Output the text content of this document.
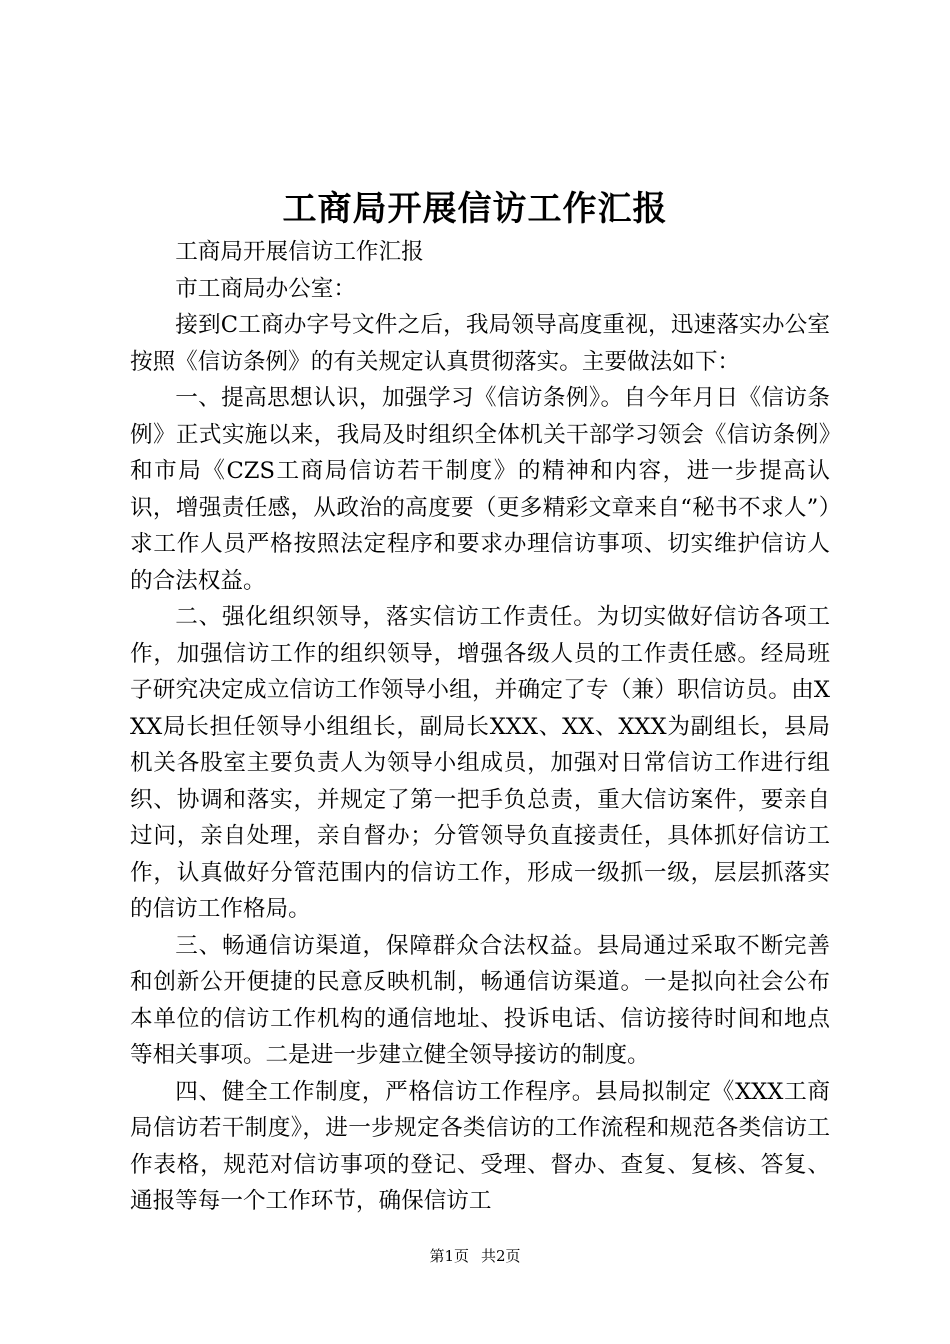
工商局开展信访工作汇报

工商局开展信访工作汇报

市工商局办公室：

接到C工商办字号文件之后，我局领导高度重视，迅速落实办公室按照《信访条例》的有关规定认真贯彻落实。主要做法如下：

一、提高思想认识，加强学习《信访条例》。自今年月日《信访条例》正式实施以来，我局及时组织全体机关干部学习领会《信访条例》和市局《CZS工商局信访若干制度》的精神和内容，进一步提高认识，增强责任感，从政治的高度要（更多精彩文章来自“秘书不求人”）求工作人员严格按照法定程序和要求办理信访事项、切实维护信访人的合法权益。

二、强化组织领导，落实信访工作责任。为切实做好信访各项工作，加强信访工作的组织领导，增强各级人员的工作责任感。经局班子研究决定成立信访工作领导小组，并确定了专（兼）职信访员。由XXX局长担任领导小组组长，副局长XXX、XX、XXX为副组长，县局机关各股室主要负责人为领导小组成员，加强对日常信访工作进行组织、协调和落实，并规定了第一把手负总责，重大信访案件，要亲自过问，亲自处理，亲自督办；分管领导负直接责任，具体抓好信访工作，认真做好分管范围内的信访工作，形成一级抓一级，层层抓落实的信访工作格局。

三、畅通信访渠道，保障群众合法权益。县局通过采取不断完善和创新公开便捷的民意反映机制，畅通信访渠道。一是拟向社会公布本单位的信访工作机构的通信地址、投诉电话、信访接待时间和地点等相关事项。二是进一步建立健全领导接访的制度。

四、健全工作制度，严格信访工作程序。县局拟制定《XXX工商局信访若干制度》，进一步规定各类信访的工作流程和规范各类信访工作表格，规范对信访事项的登记、受理、督办、查复、复核、答复、通报等每一个工作环节，确保信访工

第1页 共2页
